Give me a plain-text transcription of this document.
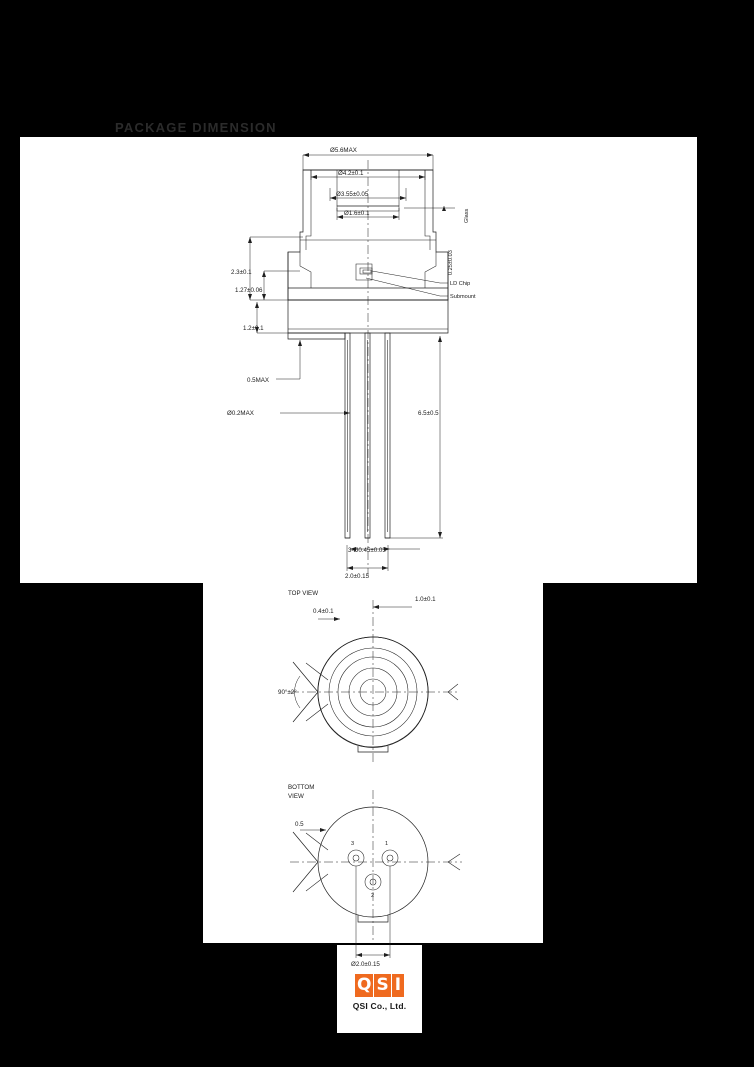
PACKAGE DIMENSION
Ø5.6MAX
Ø4.2±0.1
Ø3.55±0.05
Ø1.6±0.1	Glass
0.25±0.03
LD Chip
Submount
2.3±0.1
1.27±0.06
1.2±0.1
0.5MAX
Ø0.2MAX	6.5±0.5
3-Ø0.45±0.05
2.0±0.15
TOP VIEW
1.0±0.1
0.4±0.1
90°±2°
BOTTOM
VIEW
1
2
3
0.5
Ø2.0±0.15
Q S I
QSI Co., Ltd.
